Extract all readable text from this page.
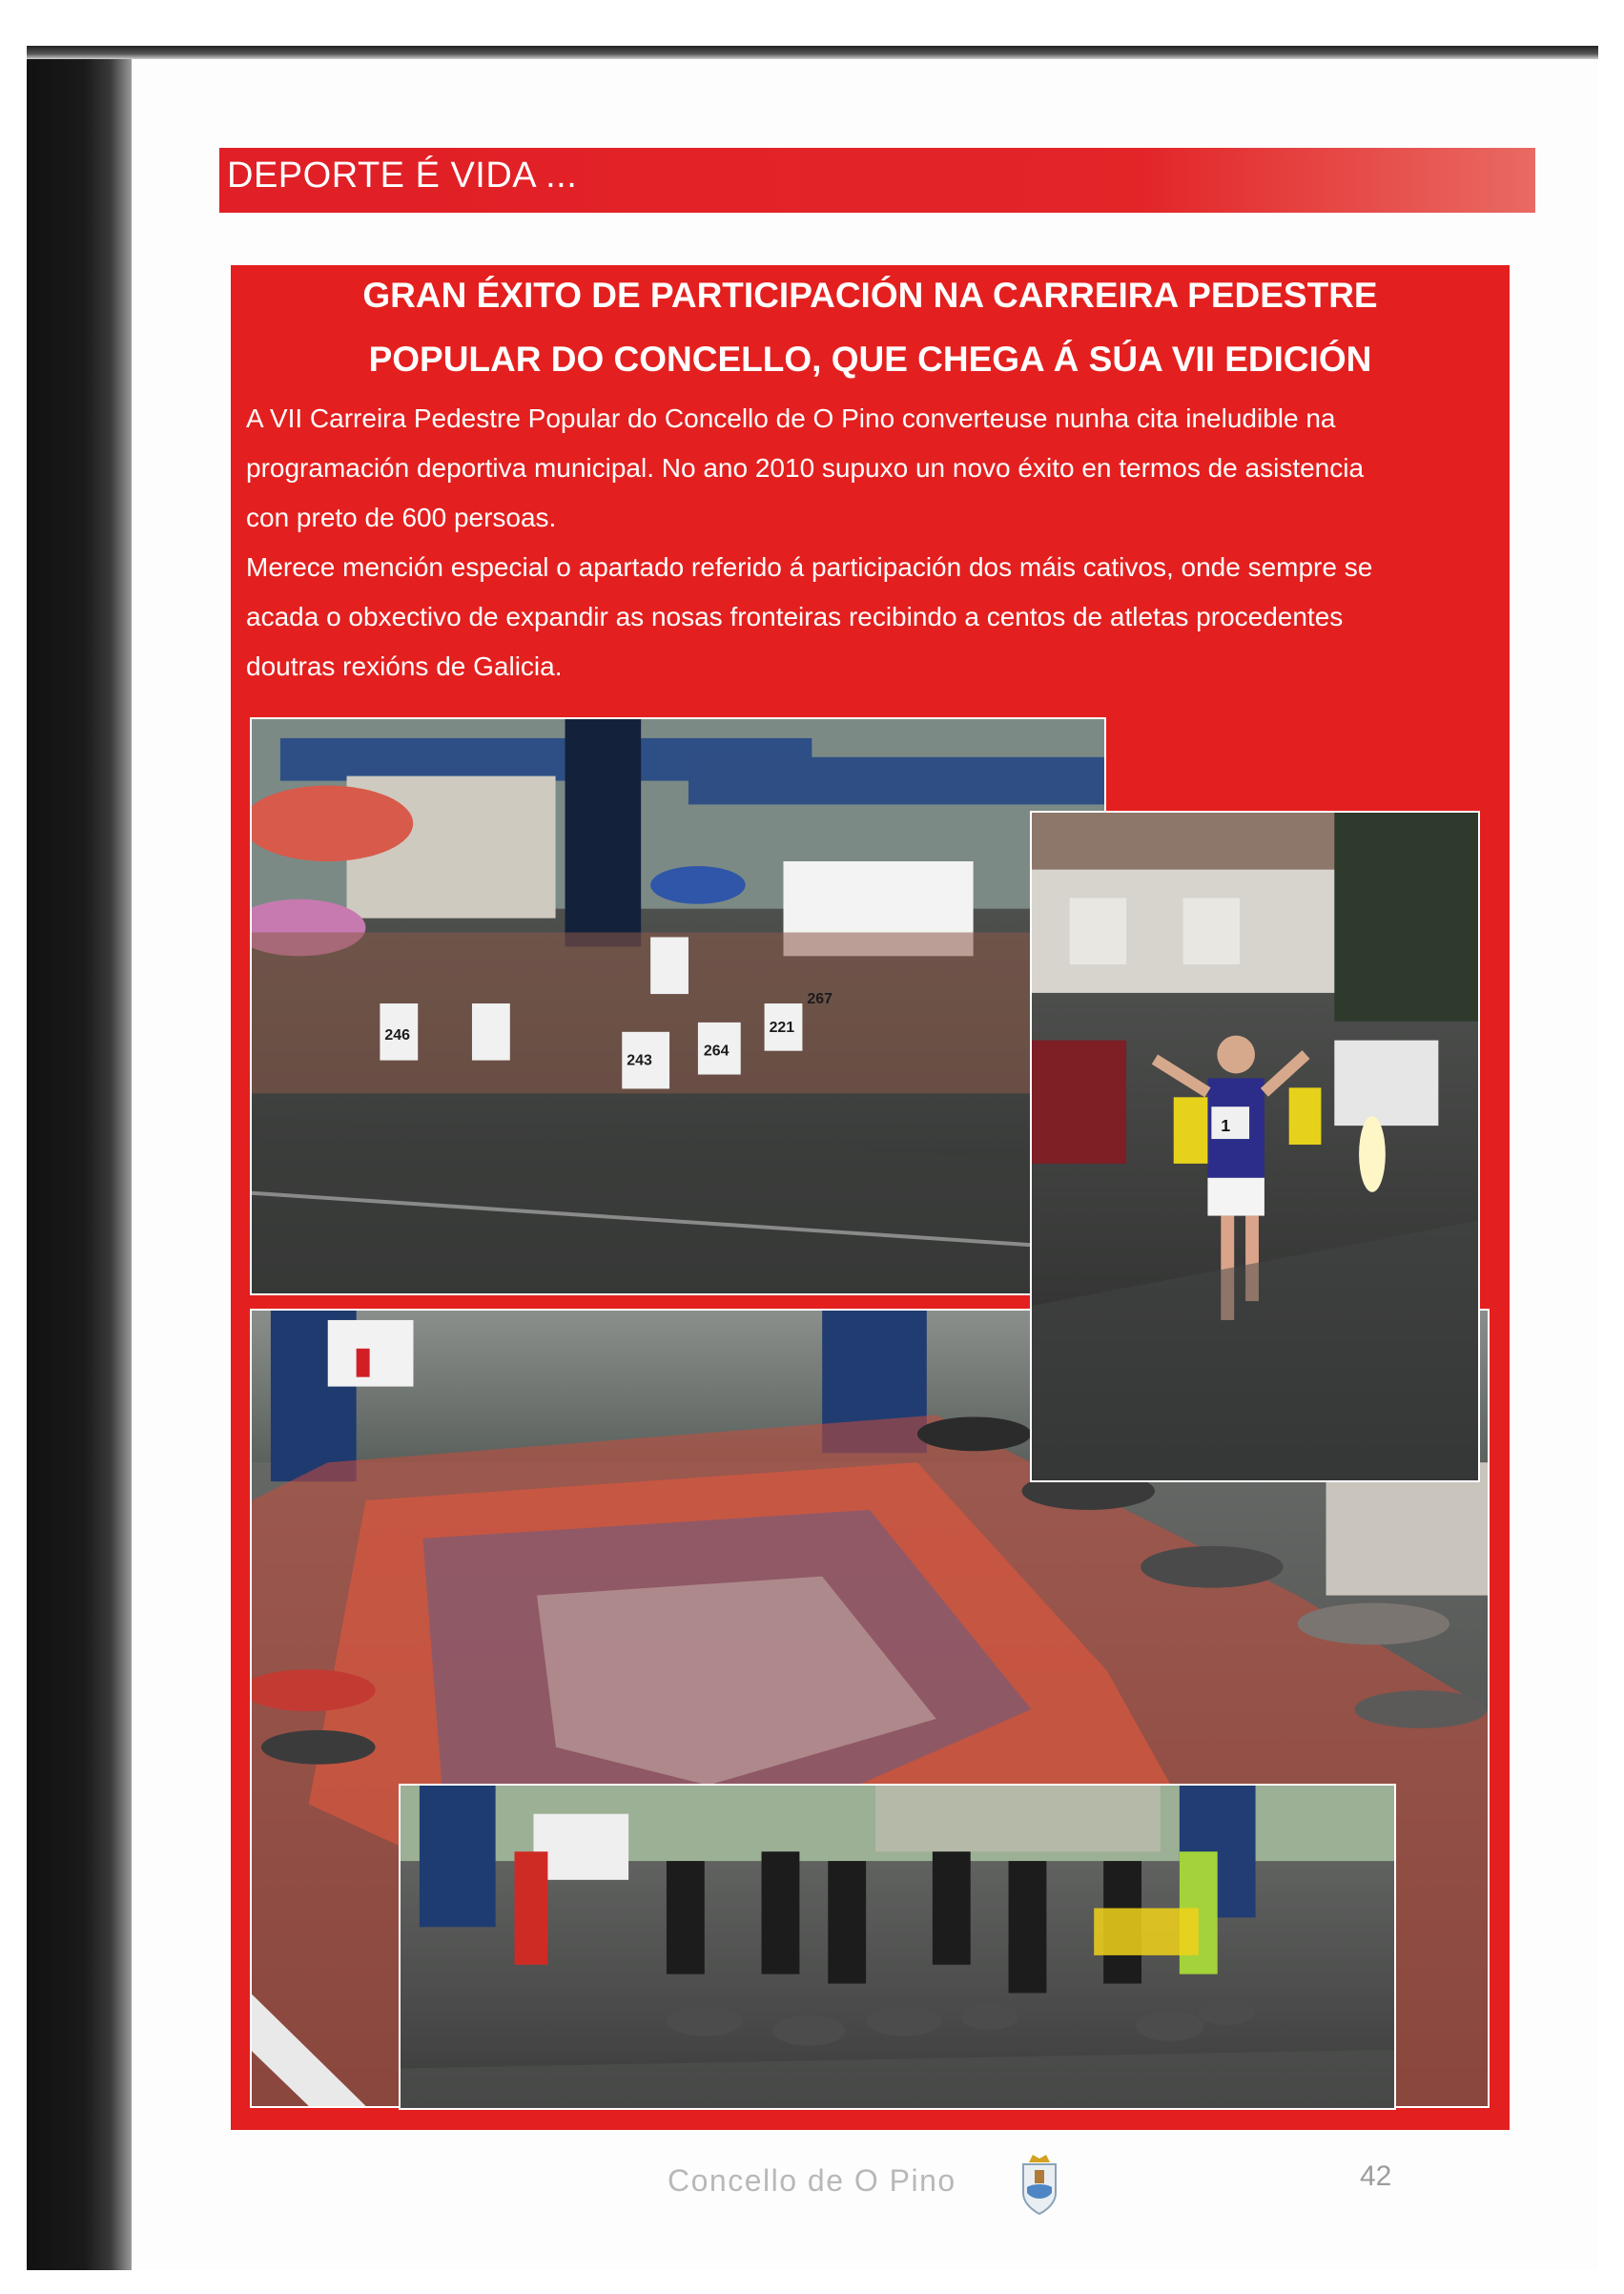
DEPORTE É VIDA ...
GRAN ÉXITO DE PARTICIPACIÓN NA CARREIRA PEDESTRE
POPULAR DO CONCELLO, QUE CHEGA Á SÚA VII EDICIÓN
A VII Carreira Pedestre Popular do Concello de O Pino converteuse nunha cita ineludible na
programación deportiva municipal. No ano 2010 supuxo un novo éxito en termos de asistencia
con preto de 600 persoas.
Merece mención especial o apartado referido á participación dos máis cativos, onde sempre se
acada o obxectivo de expandir as nosas fronteiras recibindo a centos de atletas procedentes
doutras rexións de Galicia.
246
243
264
221
267
1
Concello de O Pino	42
